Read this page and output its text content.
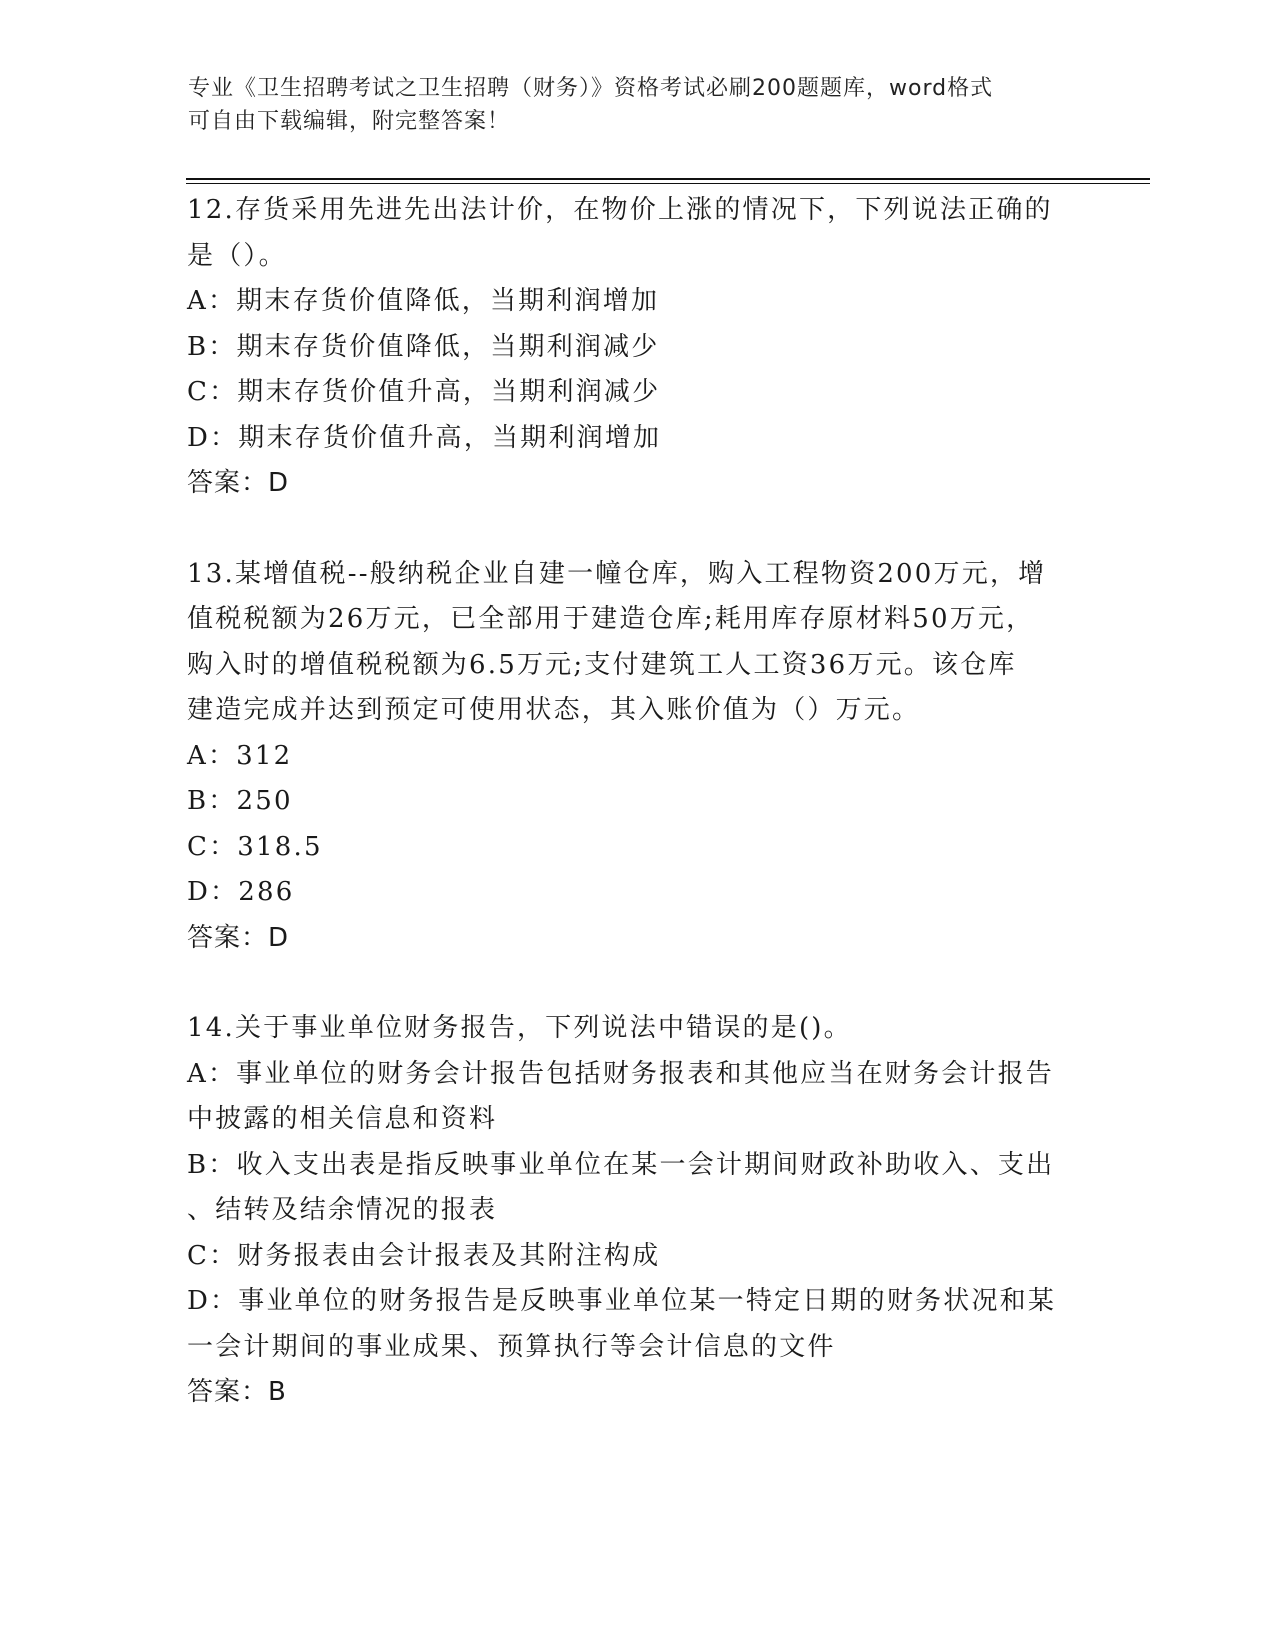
专业《卫生招聘考试之卫生招聘（财务）》资格考试必刷200题题库，word格式

可自由下载编辑，附完整答案！

12.存货采用先进先出法计价，在物价上涨的情况下，下列说法正确的

是（）。

A：期末存货价值降低，当期利润增加

B：期末存货价值降低，当期利润减少

C：期末存货价值升高，当期利润减少

D：期末存货价值升高，当期利润增加

答案：D

13.某增值税--般纳税企业自建一幢仓库，购入工程物资200万元，增

值税税额为26万元，已全部用于建造仓库;耗用库存原材料50万元，

购入时的增值税税额为6.5万元;支付建筑工人工资36万元。该仓库

建造完成并达到预定可使用状态，其入账价值为（）万元。

A：312

B：250

C：318.5

D：286

答案：D

14.关于事业单位财务报告，下列说法中错误的是()。

A：事业单位的财务会计报告包括财务报表和其他应当在财务会计报告

中披露的相关信息和资料

B：收入支出表是指反映事业单位在某一会计期间财政补助收入、支出

、结转及结余情况的报表

C：财务报表由会计报表及其附注构成

D：事业单位的财务报告是反映事业单位某一特定日期的财务状况和某

一会计期间的事业成果、预算执行等会计信息的文件

答案：B
